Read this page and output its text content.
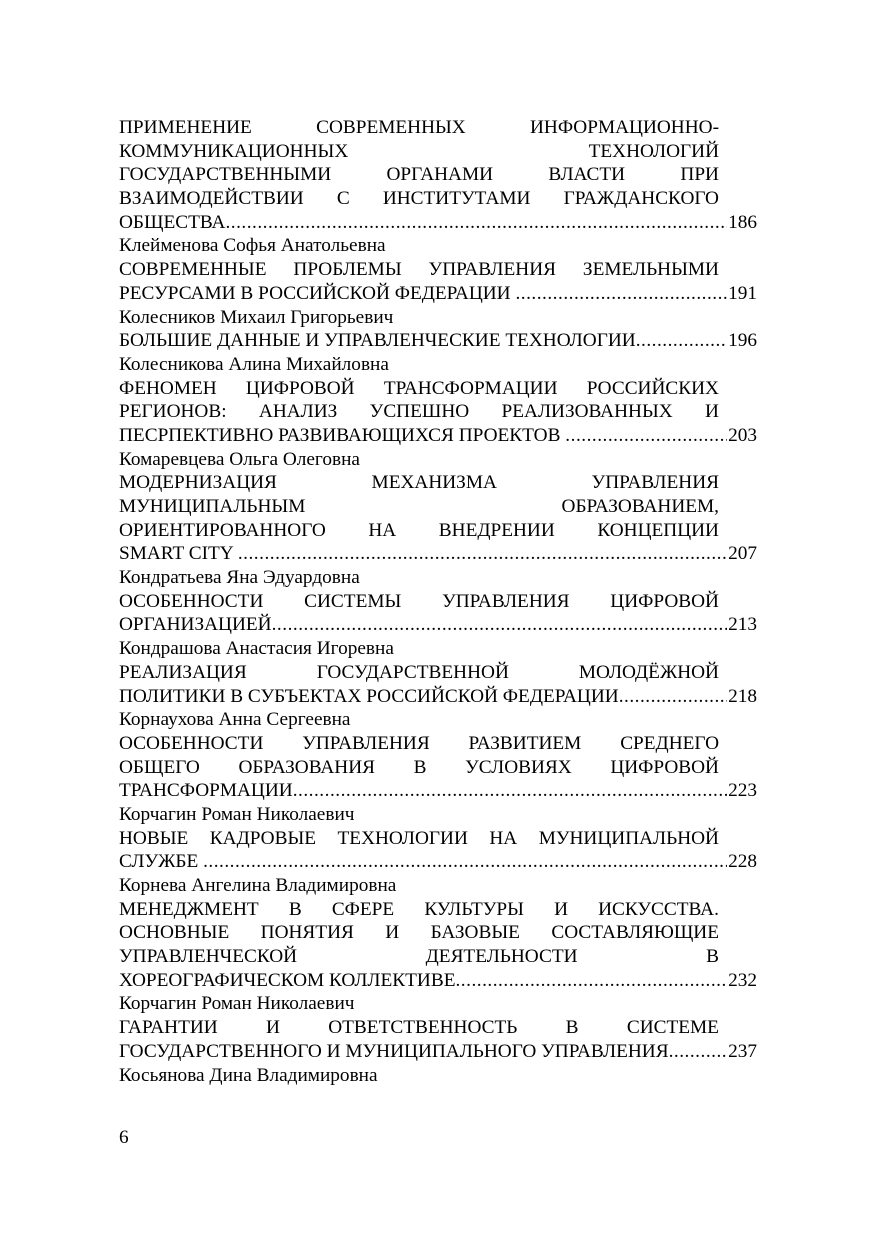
ПРИМЕНЕНИЕ	СОВРЕМЕННЫХ	ИНФОРМАЦИОННО-
КОММУНИКАЦИОННЫХ	ТЕХНОЛОГИЙ
ГОСУДАРСТВЕННЫМИ	ОРГАНАМИ	ВЛАСТИ	ПРИ
ВЗАИМОДЕЙСТВИИ С ИНСТИТУТАМИ ГРАЖДАНСКОГО
ОБЩЕСТВА .....	186
Клейменова Софья Анатольевна
СОВРЕМЕННЫЕ ПРОБЛЕМЫ УПРАВЛЕНИЯ ЗЕМЕЛЬНЫМИ
РЕСУРСАМИ В РОССИЙСКОЙ ФЕДЕРАЦИИ .....	191
Колесников Михаил Григорьевич
БОЛЬШИЕ ДАННЫЕ И УПРАВЛЕНЧЕСКИЕ ТЕХНОЛОГИИ .....	196
Колесникова Алина Михайловна
ФЕНОМЕН ЦИФРОВОЙ ТРАНСФОРМАЦИИ РОССИЙСКИХ
РЕГИОНОВ: АНАЛИЗ УСПЕШНО РЕАЛИЗОВАННЫХ И
ПЕСРПЕКТИВНО РАЗВИВАЮЩИХСЯ ПРОЕКТОВ .....	203
Комаревцева Ольга Олеговна
МОДЕРНИЗАЦИЯ	МЕХАНИЗМА	УПРАВЛЕНИЯ
МУНИЦИПАЛЬНЫМ	ОБРАЗОВАНИЕМ,
ОРИЕНТИРОВАННОГО НА ВНЕДРЕНИИ КОНЦЕПЦИИ
SMART CITY .....	207
Кондратьева Яна Эдуардовна
ОСОБЕННОСТИ СИСТЕМЫ УПРАВЛЕНИЯ ЦИФРОВОЙ
ОРГАНИЗАЦИЕЙ .....	213
Кондрашова Анастасия Игоревна
РЕАЛИЗАЦИЯ	ГОСУДАРСТВЕННОЙ	МОЛОДЁЖНОЙ
ПОЛИТИКИ В СУБЪЕКТАХ РОССИЙСКОЙ ФЕДЕРАЦИИ .....	218
Корнаухова Анна Сергеевна
ОСОБЕННОСТИ УПРАВЛЕНИЯ РАЗВИТИЕМ СРЕДНЕГО
ОБЩЕГО ОБРАЗОВАНИЯ В УСЛОВИЯХ ЦИФРОВОЙ
ТРАНСФОРМАЦИИ .....	223
Корчагин Роман Николаевич
НОВЫЕ КАДРОВЫЕ ТЕХНОЛОГИИ НА МУНИЦИПАЛЬНОЙ
СЛУЖБЕ .....	228
Корнева Ангелина Владимировна
МЕНЕДЖМЕНТ В СФЕРЕ КУЛЬТУРЫ И ИСКУССТВА.
ОСНОВНЫЕ ПОНЯТИЯ И БАЗОВЫЕ СОСТАВЛЯЮЩИЕ
УПРАВЛЕНЧЕСКОЙ	ДЕЯТЕЛЬНОСТИ	В
ХОРЕОГРАФИЧЕСКОМ КОЛЛЕКТИВЕ .....	232
Корчагин Роман Николаевич
ГАРАНТИИ	И	ОТВЕТСТВЕННОСТЬ	В	СИСТЕМЕ
ГОСУДАРСТВЕННОГО И МУНИЦИПАЛЬНОГО УПРАВЛЕНИЯ .....	237
Косьянова Дина Владимировна
6
